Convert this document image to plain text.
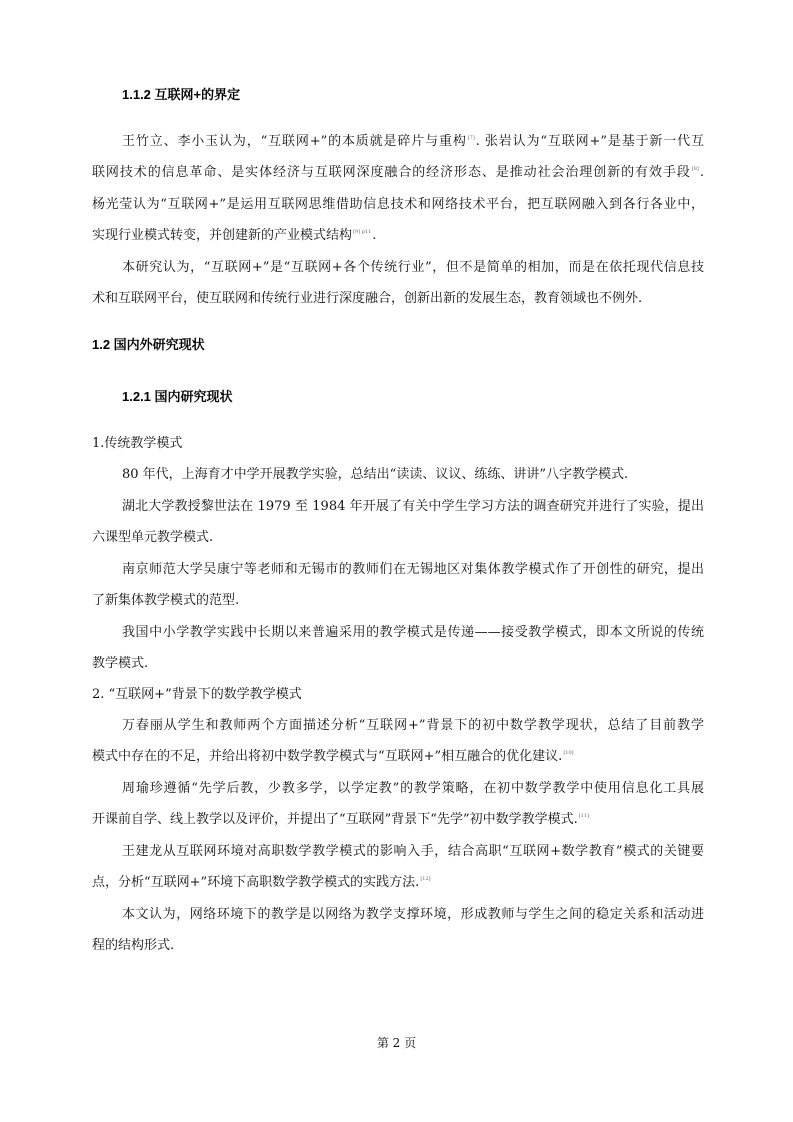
1.1.2 互联网+的界定
王竹立、李小玉认为，“互联网+”的本质就是碎片与重构[7]. 张岩认为“互联网+”是基于新一代互
联网技术的信息革命、是实体经济与互联网深度融合的经济形态、是推动社会治理创新的有效手段[8].
杨光莹认为“互联网+”是运用互联网思维借助信息技术和网络技术平台，把互联网融入到各行各业中，
实现行业模式转变，并创建新的产业模式结构$^{[9] p11}$.
本研究认为，“互联网+”是“互联网+各个传统行业”，但不是简单的相加，而是在依托现代信息技
术和互联网平台，使互联网和传统行业进行深度融合，创新出新的发展生态，教育领域也不例外.
1.2 国内外研究现状
1.2.1 国内研究现状
1.传统教学模式
80 年代，上海育才中学开展教学实验，总结出“读读、议议、练练、讲讲”八字教学模式.
湖北大学教授黎世法在 1979 至 1984 年开展了有关中学生学习方法的调查研究并进行了实验，提出
六课型单元教学模式.
南京师范大学吴康宁等老师和无锡市的教师们在无锡地区对集体教学模式作了开创性的研究，提出
了新集体教学模式的范型.
我国中小学教学实践中长期以来普遍采用的教学模式是传递——接受教学模式，即本文所说的传统
教学模式.
2. “互联网+”背景下的数学教学模式
万春丽从学生和教师两个方面描述分析“互联网+”背景下的初中数学教学现状，总结了目前教学
模式中存在的不足，并给出将初中数学教学模式与“互联网+”相互融合的优化建议.[10]
周瑜珍遵循“先学后教，少教多学，以学定教”的教学策略，在初中数学教学中使用信息化工具展
开课前自学、线上教学以及评价，并提出了“互联网”背景下“先学”初中数学教学模式.[11]
王建龙从互联网环境对高职数学教学模式的影响入手，结合高职“互联网+数学教育”模式的关键要
点，分析“互联网+”环境下高职数学教学模式的实践方法.[12]
本文认为，网络环境下的教学是以网络为教学支撑环境，形成教师与学生之间的稳定关系和活动进
程的结构形式.
第 2 页
